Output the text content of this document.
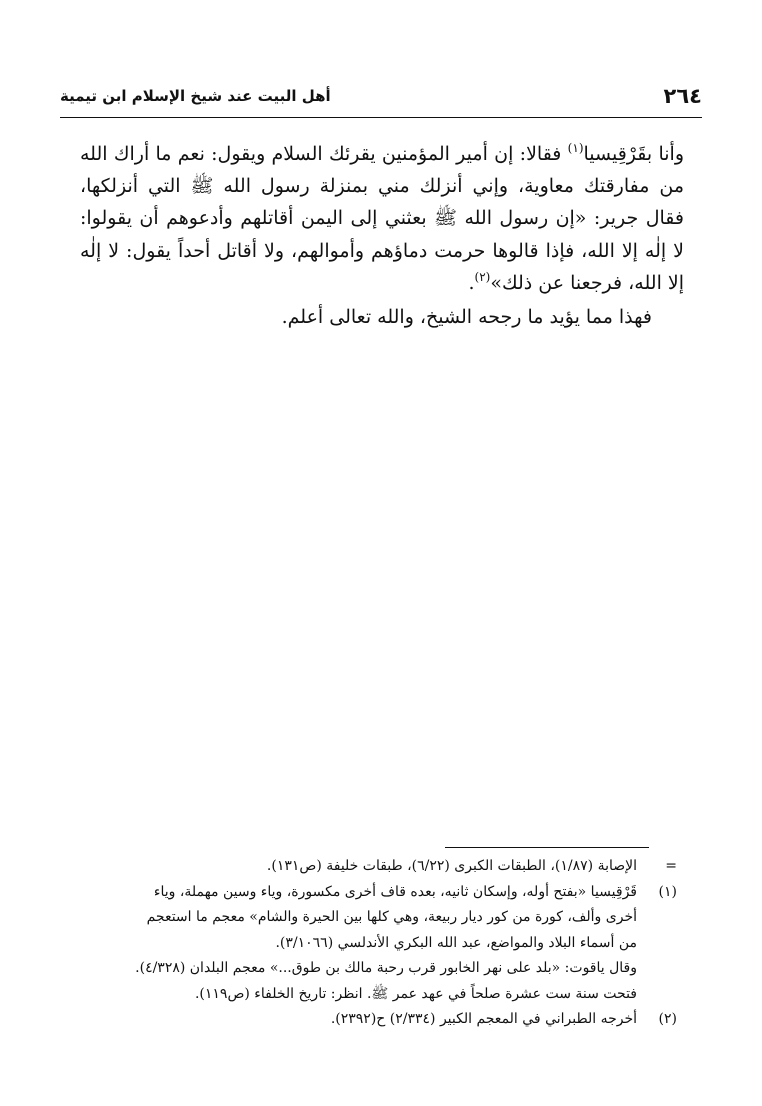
٢٦٤
أهل البيت عند شيخ الإسلام ابن تيمية

وأنا بقَرْقِيسيا$^{(١)}$ فقالا: إن أمير المؤمنين يقرئك السلام ويقول: نعم ما أراك الله من مفارقتك معاوية، وإني أنزلك مني بمنزلة رسول الله ﷺ التي أنزلكها، فقال جرير: «إن رسول الله ﷺ بعثني إلى اليمن أقاتلهم وأدعوهم أن يقولوا: لا إلٰه إلا الله، فإذا قالوها حرمت دماؤهم وأموالهم، ولا أقاتل أحداً يقول: لا إلٰه إلا الله، فرجعنا عن ذلك»$^{(٢)}$.

فهذا مما يؤيد ما رجحه الشيخ، والله تعالى أعلم.

=
الإصابة (١/٨٧)، الطبقات الكبرى (٦/٢٢)، طبقات خليفة (ص١٣١).
(١)
قَرْقِيسيا «بفتح أوله، وإسكان ثانيه، بعده قاف أخرى مكسورة، وياء وسين مهملة، وياء
أخرى وألف، كورة من كور ديار ربيعة، وهي كلها بين الحيرة والشام» معجم ما استعجم
من أسماء البلاد والمواضع، عبد الله البكري الأندلسي (٣/١٠٦٦).
وقال ياقوت: «بلد على نهر الخابور قرب رحبة مالك بن طوق...» معجم البلدان (٤/٣٢٨).
فتحت سنة ست عشرة صلحاً في عهد عمر ﷺ. انظر: تاريخ الخلفاء (ص١١٩).
(٢)
أخرجه الطبراني في المعجم الكبير (٢/٣٣٤) ح(٢٣٩٢).
